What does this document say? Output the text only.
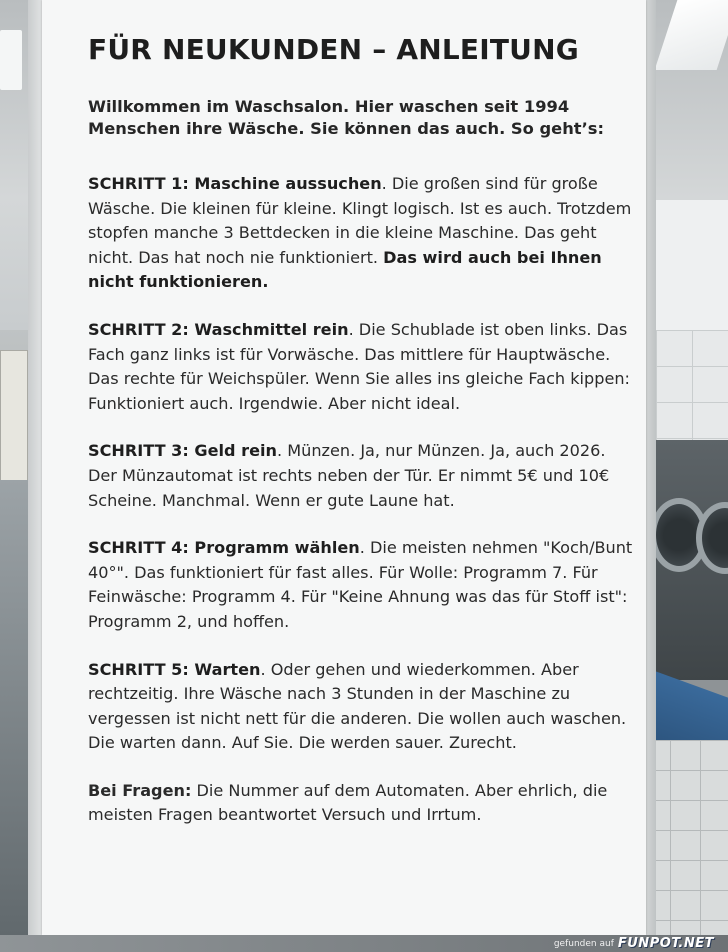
FÜR NEUKUNDEN – ANLEITUNG
Willkommen im Waschsalon. Hier waschen seit 1994 Menschen ihre Wäsche. Sie können das auch. So geht’s:
SCHRITT 1: Maschine aussuchen. Die großen sind für große Wäsche. Die kleinen für kleine. Klingt logisch. Ist es auch. Trotzdem stopfen manche 3 Bettdecken in die kleine Maschine. Das geht nicht. Das hat noch nie funktioniert. Das wird auch bei Ihnen nicht funktionieren.
SCHRITT 2: Waschmittel rein. Die Schublade ist oben links. Das Fach ganz links ist für Vorwäsche. Das mittlere für Hauptwäsche. Das rechte für Weichspüler. Wenn Sie alles ins gleiche Fach kippen: Funktioniert auch. Irgendwie. Aber nicht ideal.
SCHRITT 3: Geld rein. Münzen. Ja, nur Münzen. Ja, auch 2026. Der Münzautomat ist rechts neben der Tür. Er nimmt 5€ und 10€ Scheine. Manchmal. Wenn er gute Laune hat.
SCHRITT 4: Programm wählen. Die meisten nehmen "Koch/Bunt 40°". Das funktioniert für fast alles. Für Wolle: Programm 7. Für Feinwäsche: Programm 4. Für "Keine Ahnung was das für Stoff ist": Programm 2, und hoffen.
SCHRITT 5: Warten. Oder gehen und wiederkommen. Aber rechtzeitig. Ihre Wäsche nach 3 Stunden in der Maschine zu vergessen ist nicht nett für die anderen. Die wollen auch waschen. Die warten dann. Auf Sie. Die werden sauer. Zurecht.
Bei Fragen: Die Nummer auf dem Automaten. Aber ehrlich, die meisten Fragen beantwortet Versuch und Irrtum.
gefunden auf FUNPOT.NET
